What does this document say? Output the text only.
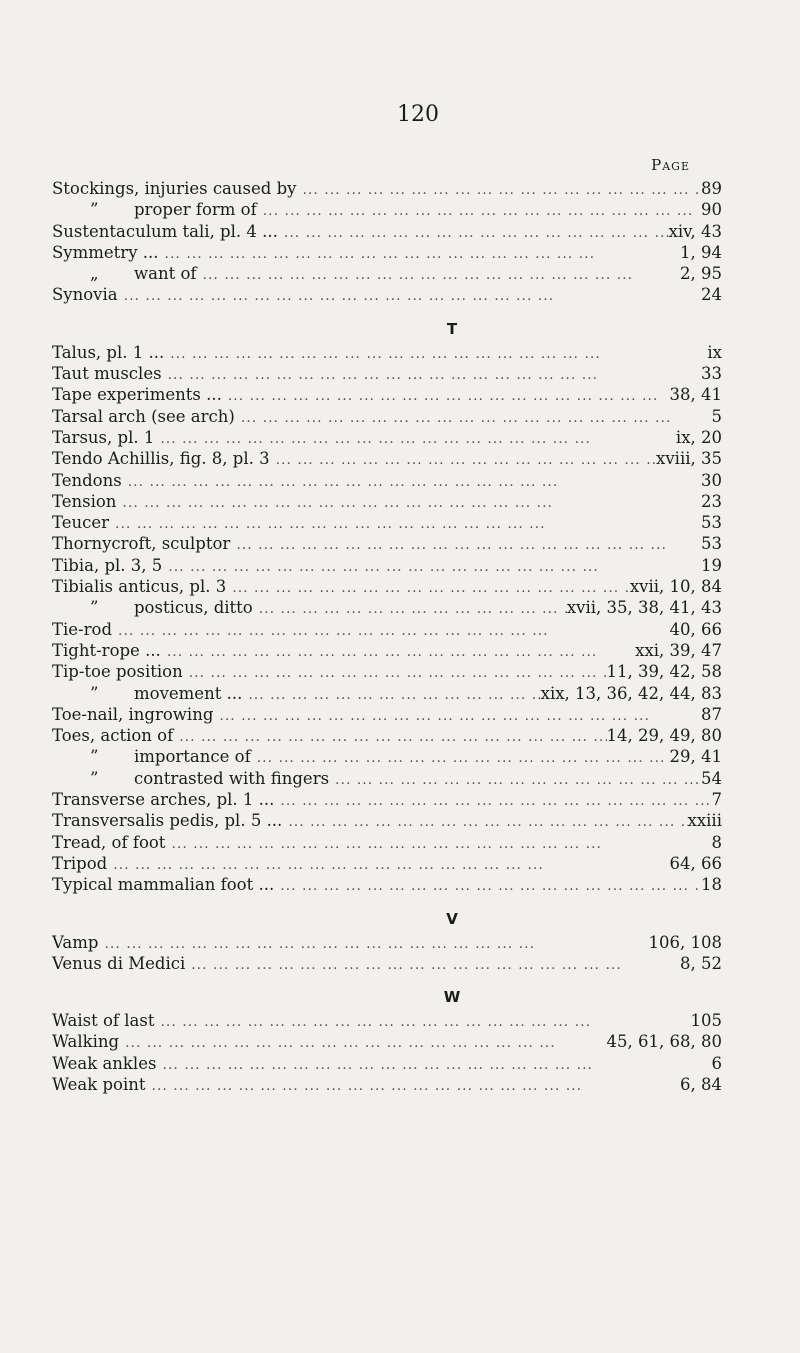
120
Page
Stockings, injuries caused by ... .	89
” proper form of ... .	90
Sustentaculum tali, pl. 4 ... ... .	xiv, 43
Symmetry ... ... .	1, 94
„ want of ... .	2, 95
Synovia ... .	24
T
Talus, pl. 1 ... ... .	ix
Taut muscles ... .	33
Tape experiments ... ... .	38, 41
Tarsal arch (see arch) ... .	5
Tarsus, pl. 1 ... .	ix, 20
Tendo Achillis, fig. 8, pl. 3 ... .	xviii, 35
Tendons ... .	30
Tension ... .	23
Teucer ... .	53
Thornycroft, sculptor ... .	53
Tibia, pl. 3, 5 ... .	19
Tibialis anticus, pl. 3 ... .	xvii, 10, 84
” posticus, ditto ... .	xvii, 35, 38, 41, 43
Tie-rod ... .	40, 66
Tight-rope ... ... .	xxi, 39, 47
Tip-toe position ... .	11, 39, 42, 58
” movement ... ... .	xix, 13, 36, 42, 44, 83
Toe-nail, ingrowing ... .	87
Toes, action of ... .	14, 29, 49, 80
” importance of ... .	29, 41
” contrasted with fingers ... .	54
Transverse arches, pl. 1 ... ... .	7
Transversalis pedis, pl. 5 ... ... .	xxiii
Tread, of foot ... .	8
Tripod ... .	64, 66
Typical mammalian foot ... ... .	18
V
Vamp ... .	106, 108
Venus di Medici ... .	8, 52
W
Waist of last ... .	105
Walking ... .	45, 61, 68, 80
Weak ankles ... .	6
Weak point ... .	6, 84
